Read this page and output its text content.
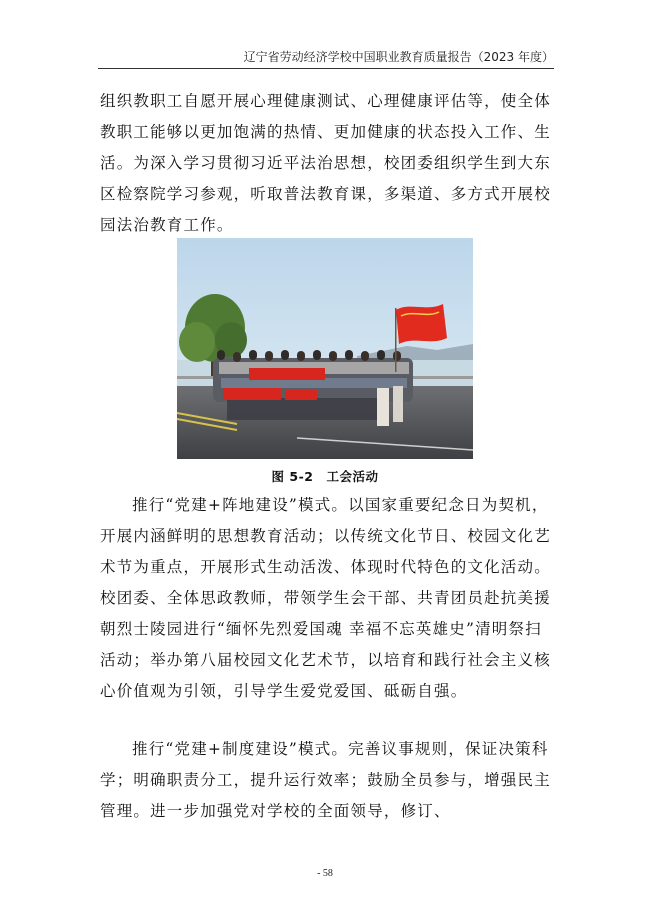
辽宁省劳动经济学校中国职业教育质量报告（2023 年度）

组织教职工自愿开展心理健康测试、心理健康评估等，使全体教职工能够以更加饱满的热情、更加健康的状态投入工作、生活。为深入学习贯彻习近平法治思想，校团委组织学生到大东区检察院学习参观，听取普法教育课，多渠道、多方式开展校园法治教育工作。

图 5-2　工会活动

推行“党建+阵地建设”模式。以国家重要纪念日为契机，开展内涵鲜明的思想教育活动；以传统文化节日、校园文化艺术节为重点，开展形式生动活泼、体现时代特色的文化活动。校团委、全体思政教师，带领学生会干部、共青团员赴抗美援朝烈士陵园进行“缅怀先烈爱国魂 幸福不忘英雄史”清明祭扫活动；举办第八届校园文化艺术节，以培育和践行社会主义核心价值观为引领，引导学生爱党爱国、砥砺自强。

推行“党建+制度建设”模式。完善议事规则，保证决策科学；明确职责分工，提升运行效率；鼓励全员参与，增强民主管理。进一步加强党对学校的全面领导，修订、

- 58
